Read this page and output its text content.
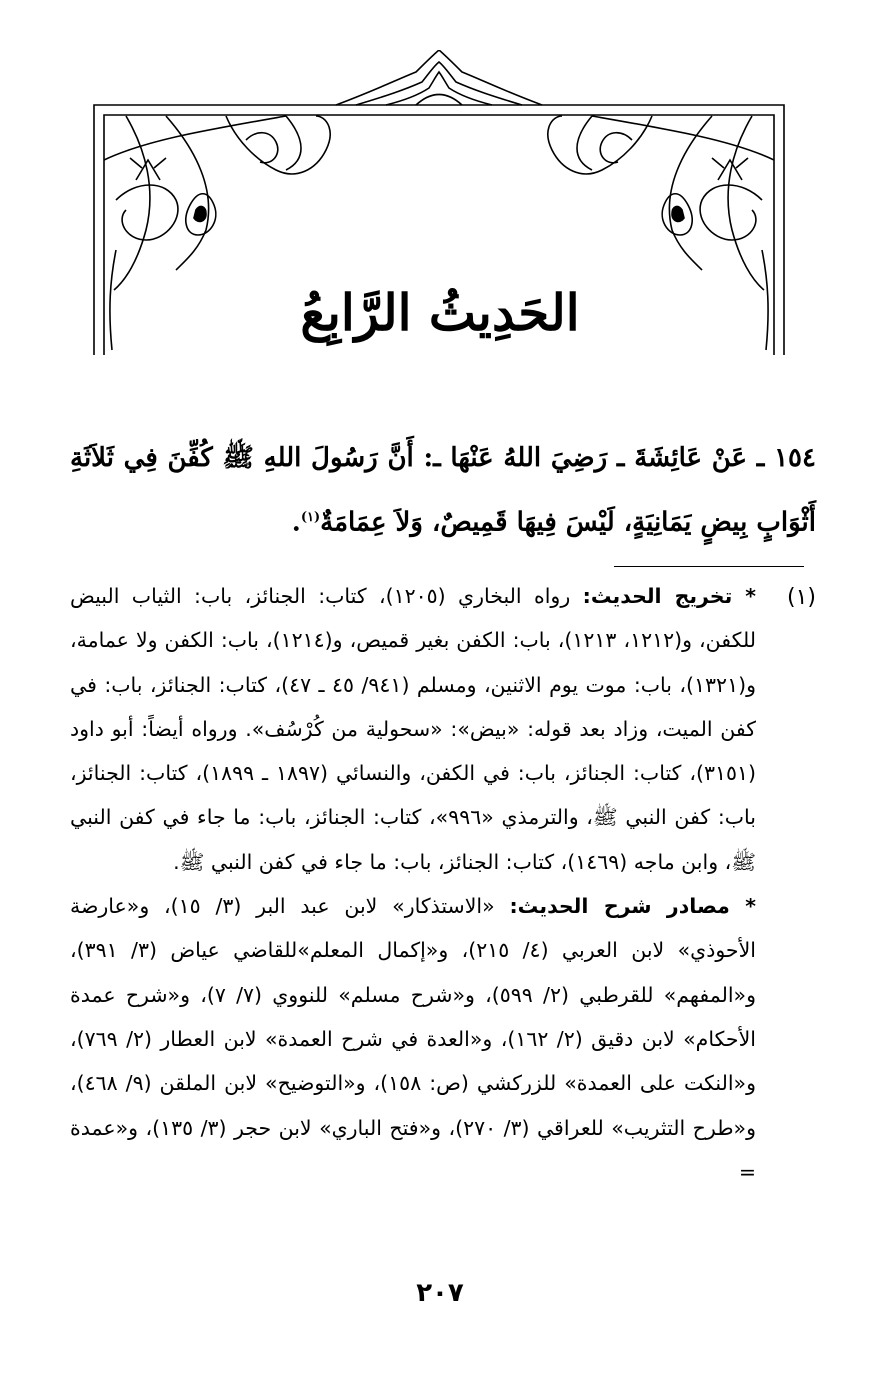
الحَدِيثُ الرَّابِعُ
١٥٤ ـ عَنْ عَائِشَةَ ـ رَضِيَ اللهُ عَنْهَا ـ: أَنَّ رَسُولَ اللهِ ﷺ كُفِّنَ فِي ثَلاَثَةِ أَثْوَابٍ بِيضٍ يَمَانِيَةٍ، لَيْسَ فِيهَا قَمِيصٌ، وَلاَ عِمَامَةٌ$^{(١)}$.
(١)

* تخريج الحديث: رواه البخاري (١٢٠٥)، كتاب: الجنائز، باب: الثياب البيض للكفن، و(١٢١٢، ١٢١٣)، باب: الكفن بغير قميص، و(١٢١٤)، باب: الكفن ولا عمامة، و(١٣٢١)، باب: موت يوم الاثنين، ومسلم (٩٤١/ ٤٥ ـ ٤٧)، كتاب: الجنائز، باب: في كفن الميت، وزاد بعد قوله: «بيض»: «سحولية من كُرْسُف». ورواه أيضاً: أبو داود (٣١٥١)، كتاب: الجنائز، باب: في الكفن، والنسائي (١٨٩٧ ـ ١٨٩٩)، كتاب: الجنائز، باب: كفن النبي ﷺ، والترمذي «٩٩٦»، كتاب: الجنائز، باب: ما جاء في كفن النبي ﷺ، وابن ماجه (١٤٦٩)، كتاب: الجنائز، باب: ما جاء في كفن النبي ﷺ.

* مصادر شرح الحديث: «الاستذكار» لابن عبد البر (٣/ ١٥)، و«عارضة الأحوذي» لابن العربي (٤/ ٢١٥)، و«إكمال المعلم»للقاضي عياض (٣/ ٣٩١)، و«المفهم» للقرطبي (٢/ ٥٩٩)، و«شرح مسلم» للنووي (٧/ ٧)، و«شرح عمدة الأحكام» لابن دقيق (٢/ ١٦٢)، و«العدة في شرح العمدة» لابن العطار (٢/ ٧٦٩)، و«النكت على العمدة» للزركشي (ص: ١٥٨)، و«التوضيح» لابن الملقن (٩/ ٤٦٨)، و«طرح التثريب» للعراقي (٣/ ٢٧٠)، و«فتح الباري» لابن حجر (٣/ ١٣٥)، و«عمدة =

٢٠٧
